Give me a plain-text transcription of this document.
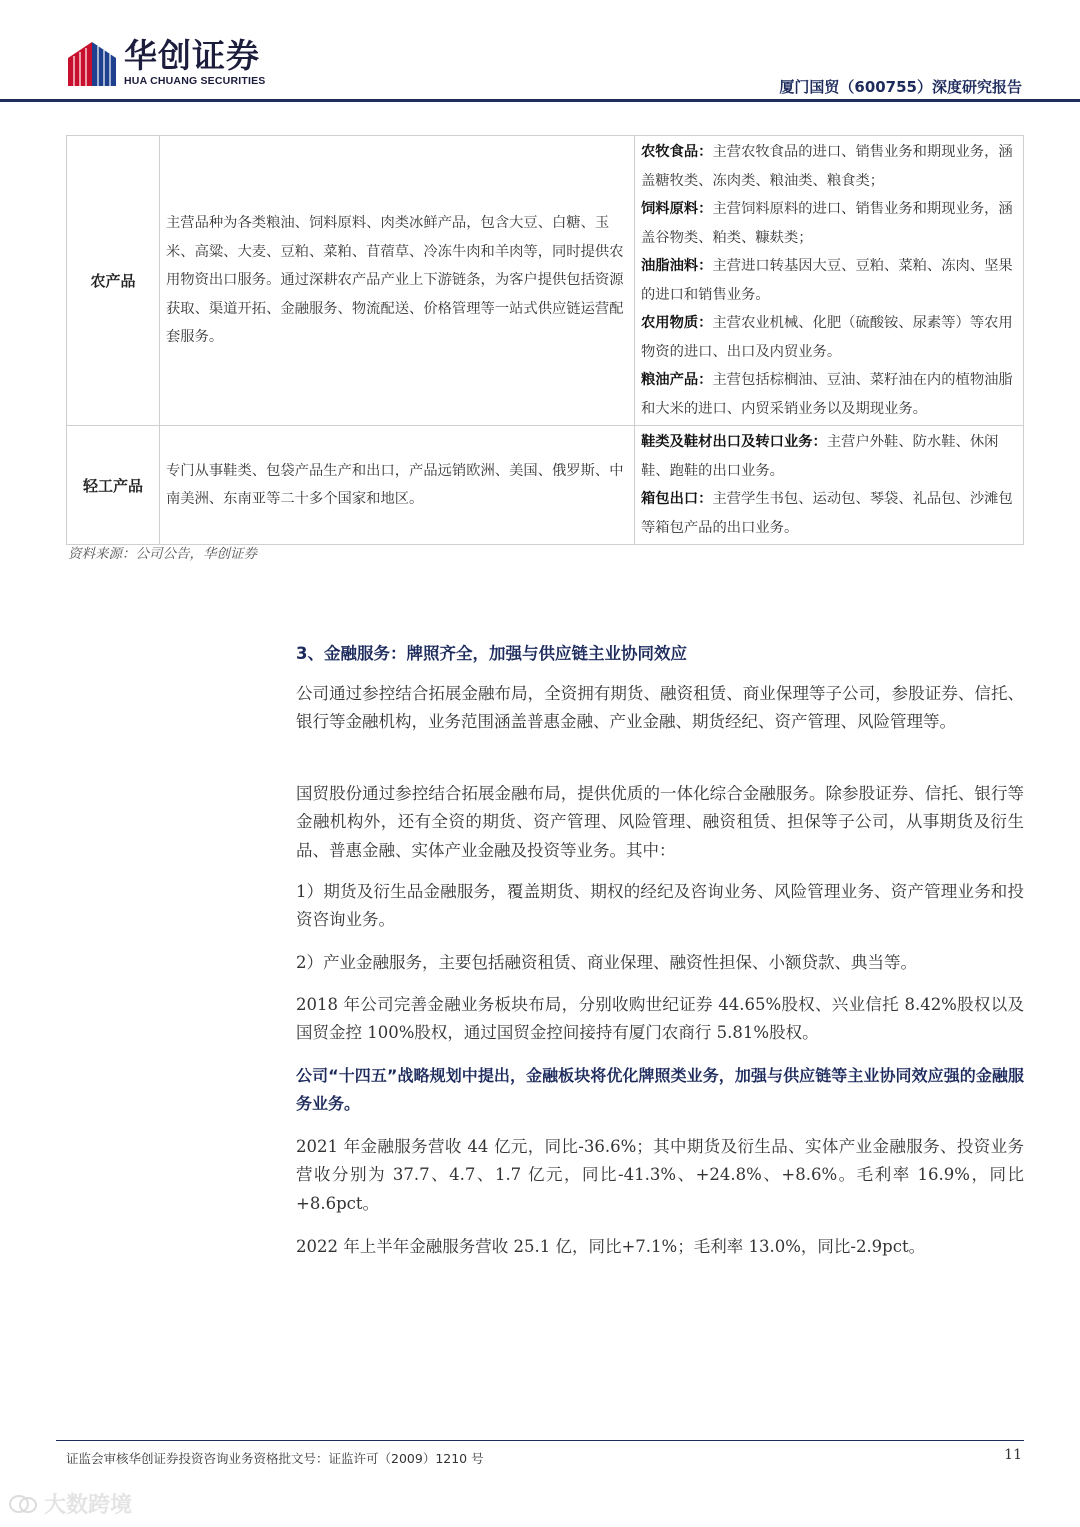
华创证券
HUA CHUANG SECURITIES	厦门国贸（600755）深度研究报告
农产品	主营品种为各类粮油、饲料原料、肉类冰鲜产品，包含大豆、白糖、玉米、高粱、大麦、豆粕、菜粕、苜蓿草、冷冻牛肉和羊肉等，同时提供农用物资出口服务。通过深耕农产品产业上下游链条，为客户提供包括资源获取、渠道开拓、金融服务、物流配送、价格管理等一站式供应链运营配套服务。	农牧食品：主营农牧食品的进口、销售业务和期现业务，涵盖糖牧类、冻肉类、粮油类、粮食类；

饲料原料：主营饲料原料的进口、销售业务和期现业务，涵盖谷物类、粕类、糠麸类；

油脂油料：主营进口转基因大豆、豆粕、菜粕、冻肉、坚果的进口和销售业务。

农用物质：主营农业机械、化肥（硫酸铵、尿素等）等农用物资的进口、出口及内贸业务。

粮油产品：主营包括棕榈油、豆油、菜籽油在内的植物油脂和大米的进口、内贸采销业务以及期现业务。

轻工产品	专门从事鞋类、包袋产品生产和出口，产品远销欧洲、美国、俄罗斯、中南美洲、东南亚等二十多个国家和地区。	鞋类及鞋材出口及转口业务：主营户外鞋、防水鞋、休闲鞋、跑鞋的出口业务。

箱包出口：主营学生书包、运动包、琴袋、礼品包、沙滩包等箱包产品的出口业务。

资料来源：公司公告，华创证券
3、金融服务：牌照齐全，加强与供应链主业协同效应

公司通过参控结合拓展金融布局，全资拥有期货、融资租赁、商业保理等子公司，参股证券、信托、银行等金融机构，业务范围涵盖普惠金融、产业金融、期货经纪、资产管理、风险管理等。

国贸股份通过参控结合拓展金融布局，提供优质的一体化综合金融服务。除参股证券、信托、银行等金融机构外，还有全资的期货、资产管理、风险管理、融资租赁、担保等子公司，从事期货及衍生品、普惠金融、实体产业金融及投资等业务。其中：

1）期货及衍生品金融服务，覆盖期货、期权的经纪及咨询业务、风险管理业务、资产管理业务和投资咨询业务。

2）产业金融服务，主要包括融资租赁、商业保理、融资性担保、小额贷款、典当等。

2018 年公司完善金融业务板块布局，分别收购世纪证券 44.65%股权、兴业信托 8.42%股权以及国贸金控 100%股权，通过国贸金控间接持有厦门农商行 5.81%股权。

公司“十四五”战略规划中提出，金融板块将优化牌照类业务，加强与供应链等主业协同效应强的金融服务业务。

2021 年金融服务营收 44 亿元，同比-36.6%；其中期货及衍生品、实体产业金融服务、投资业务营收分别为 37.7、4.7、1.7 亿元，同比-41.3%、+24.8%、+8.6%。毛利率 16.9%，同比+8.6pct。

2022 年上半年金融服务营收 25.1 亿，同比+7.1%；毛利率 13.0%，同比-2.9pct。

证监会审核华创证券投资咨询业务资格批文号：证监许可（2009）1210 号	11
大数跨境
